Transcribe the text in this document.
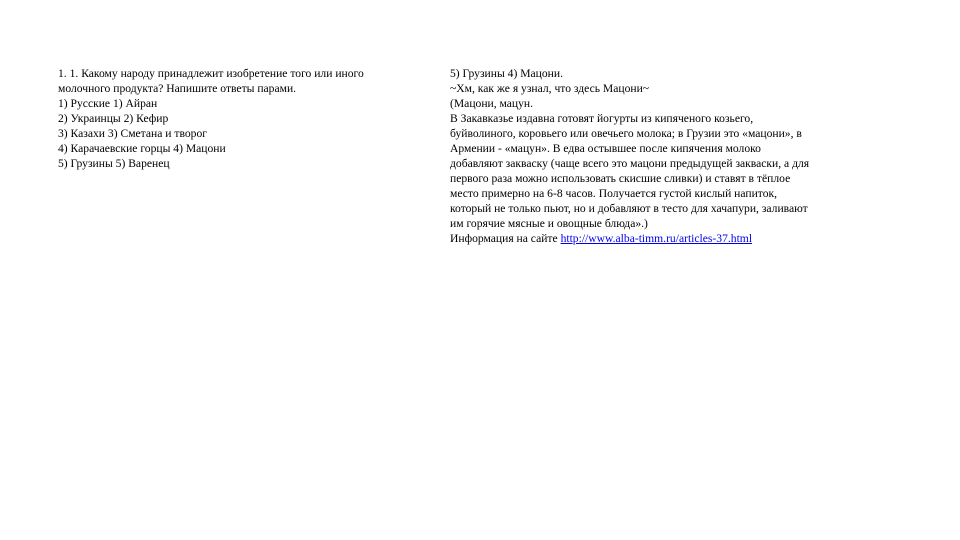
1. 1. Какому народу принадлежит изобретение того или иного
молочного продукта? Напишите ответы парами.
1) Русские 1) Айран
2) Украинцы 2) Кефир
3) Казахи 3) Сметана и творог
4) Карачаевские горцы 4) Мацони
5) Грузины 5) Варенец
5) Грузины 4) Мацони.
~Хм, как же я узнал, что здесь Мацони~
(Мацони, мацун.
В Закавказье издавна готовят йогурты из кипяченого козьего,
буйволиного, коровьего или овечьего молока; в Грузии это «мацони», в
Армении - «мацун». В едва остывшее после кипячения молоко
добавляют закваску (чаще всего это мацони предыдущей закваски, а для
первого раза можно использовать скисшие сливки) и ставят в тёплое
место примерно на 6-8 часов. Получается густой кислый напиток,
который не только пьют, но и добавляют в тесто для хачапури, заливают
им горячие мясные и овощные блюда».)
Информация на сайте http://www.alba-timm.ru/articles-37.html
